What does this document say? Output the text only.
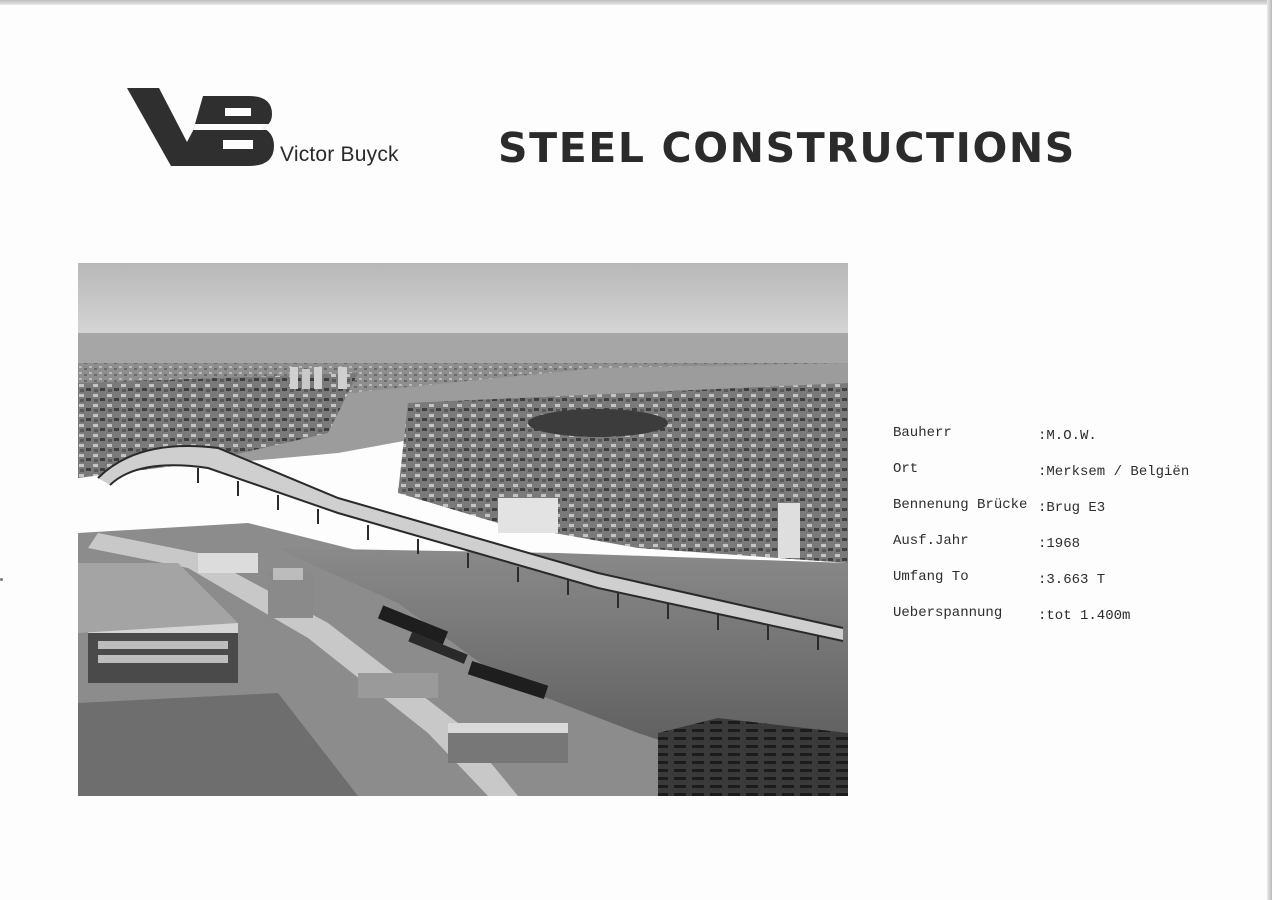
Victor Buyck STEEL CONSTRUCTIONS
Bauherr	:M.O.W.
Ort	:Merksem / Belgiën
Bennenung Brücke :Brug E3
Ausf.Jahr	:1968
Umfang To	:3.663 T
Ueberspannung	:tot 1.400m
